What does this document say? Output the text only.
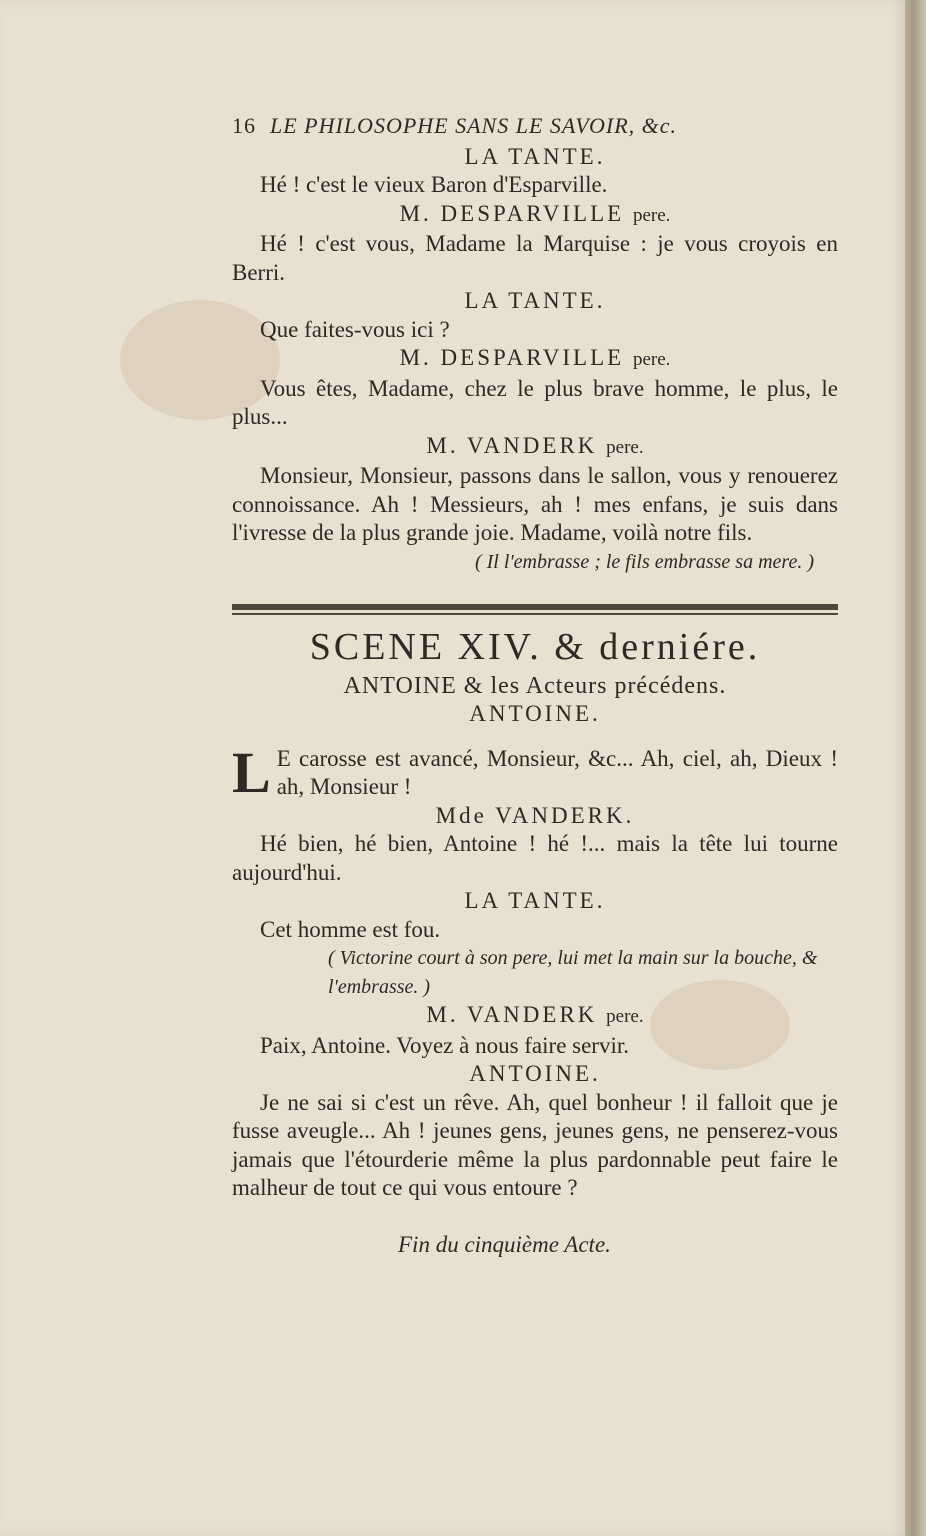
16 LE PHILOSOPHE SANS LE SAVOIR, &c.
LA TANTE.
Hé ! c'est le vieux Baron d'Esparville.
M. DESPARVILLE pere.
Hé ! c'est vous, Madame la Marquise : je vous croyois en Berri.
LA TANTE.
Que faites-vous ici ?
M. DESPARVILLE pere.
Vous êtes, Madame, chez le plus brave homme, le plus, le plus...
M. VANDERK pere.
Monsieur, Monsieur, passons dans le sallon, vous y renouerez connoissance. Ah ! Messieurs, ah ! mes enfans, je suis dans l'ivresse de la plus grande joie. Madame, voilà notre fils.
( Il l'embrasse ; le fils embrasse sa mere. )
SCENE XIV. & derniére.
ANTOINE & les Acteurs précédens.
ANTOINE.
L E carosse est avancé, Monsieur, &c... Ah, ciel, ah, Dieux ! ah, Monsieur !
Mde VANDERK.
Hé bien, hé bien, Antoine ! hé !... mais la tête lui tourne aujourd'hui.
LA TANTE.
Cet homme est fou.
( Victorine court à son pere, lui met la main sur la bouche, & l'embrasse. )
M. VANDERK pere.
Paix, Antoine. Voyez à nous faire servir.
ANTOINE.
Je ne sai si c'est un rêve. Ah, quel bonheur ! il falloit que je fusse aveugle... Ah ! jeunes gens, jeunes gens, ne penserez-vous jamais que l'étourderie même la plus pardonnable peut faire le malheur de tout ce qui vous entoure ?
Fin du cinquième Acte.
